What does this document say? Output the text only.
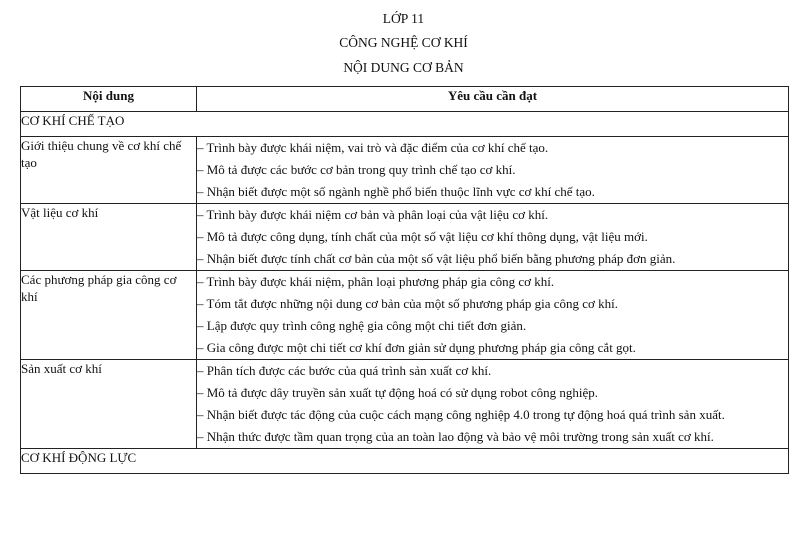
LỚP 11
CÔNG NGHỆ CƠ KHÍ
NỘI DUNG CƠ BẢN
Nội dung	Yêu cầu cần đạt
CƠ KHÍ CHẾ TẠO	
Giới thiệu chung về cơ khí chế tạo	– Trình bày được khái niệm, vai trò và đặc điểm của cơ khí chế tạo.
– Mô tả được các bước cơ bản trong quy trình chế tạo cơ khí.
– Nhận biết được một số ngành nghề phổ biến thuộc lĩnh vực cơ khí chế tạo.

Vật liệu cơ khí	– Trình bày được khái niệm cơ bản và phân loại của vật liệu cơ khí.
– Mô tả được công dụng, tính chất của một số vật liệu cơ khí thông dụng, vật liệu mới.
– Nhận biết được tính chất cơ bản của một số vật liệu phổ biến bằng phương pháp đơn giản.

Các phương pháp gia công cơ khí	– Trình bày được khái niệm, phân loại phương pháp gia công cơ khí.
– Tóm tắt được những nội dung cơ bản của một số phương pháp gia công cơ khí.
– Lập được quy trình công nghệ gia công một chi tiết đơn giản.
– Gia công được một chi tiết cơ khí đơn giản sử dụng phương pháp gia công cắt gọt.

Sản xuất cơ khí	– Phân tích được các bước của quá trình sản xuất cơ khí.
– Mô tả được dây truyền sản xuất tự động hoá có sử dụng robot công nghiệp.
– Nhận biết được tác động của cuộc cách mạng công nghiệp 4.0 trong tự động hoá quá trình sản xuất.
– Nhận thức được tầm quan trọng của an toàn lao động và bảo vệ môi trường trong sản xuất cơ khí.

CƠ KHÍ ĐỘNG LỰC	
